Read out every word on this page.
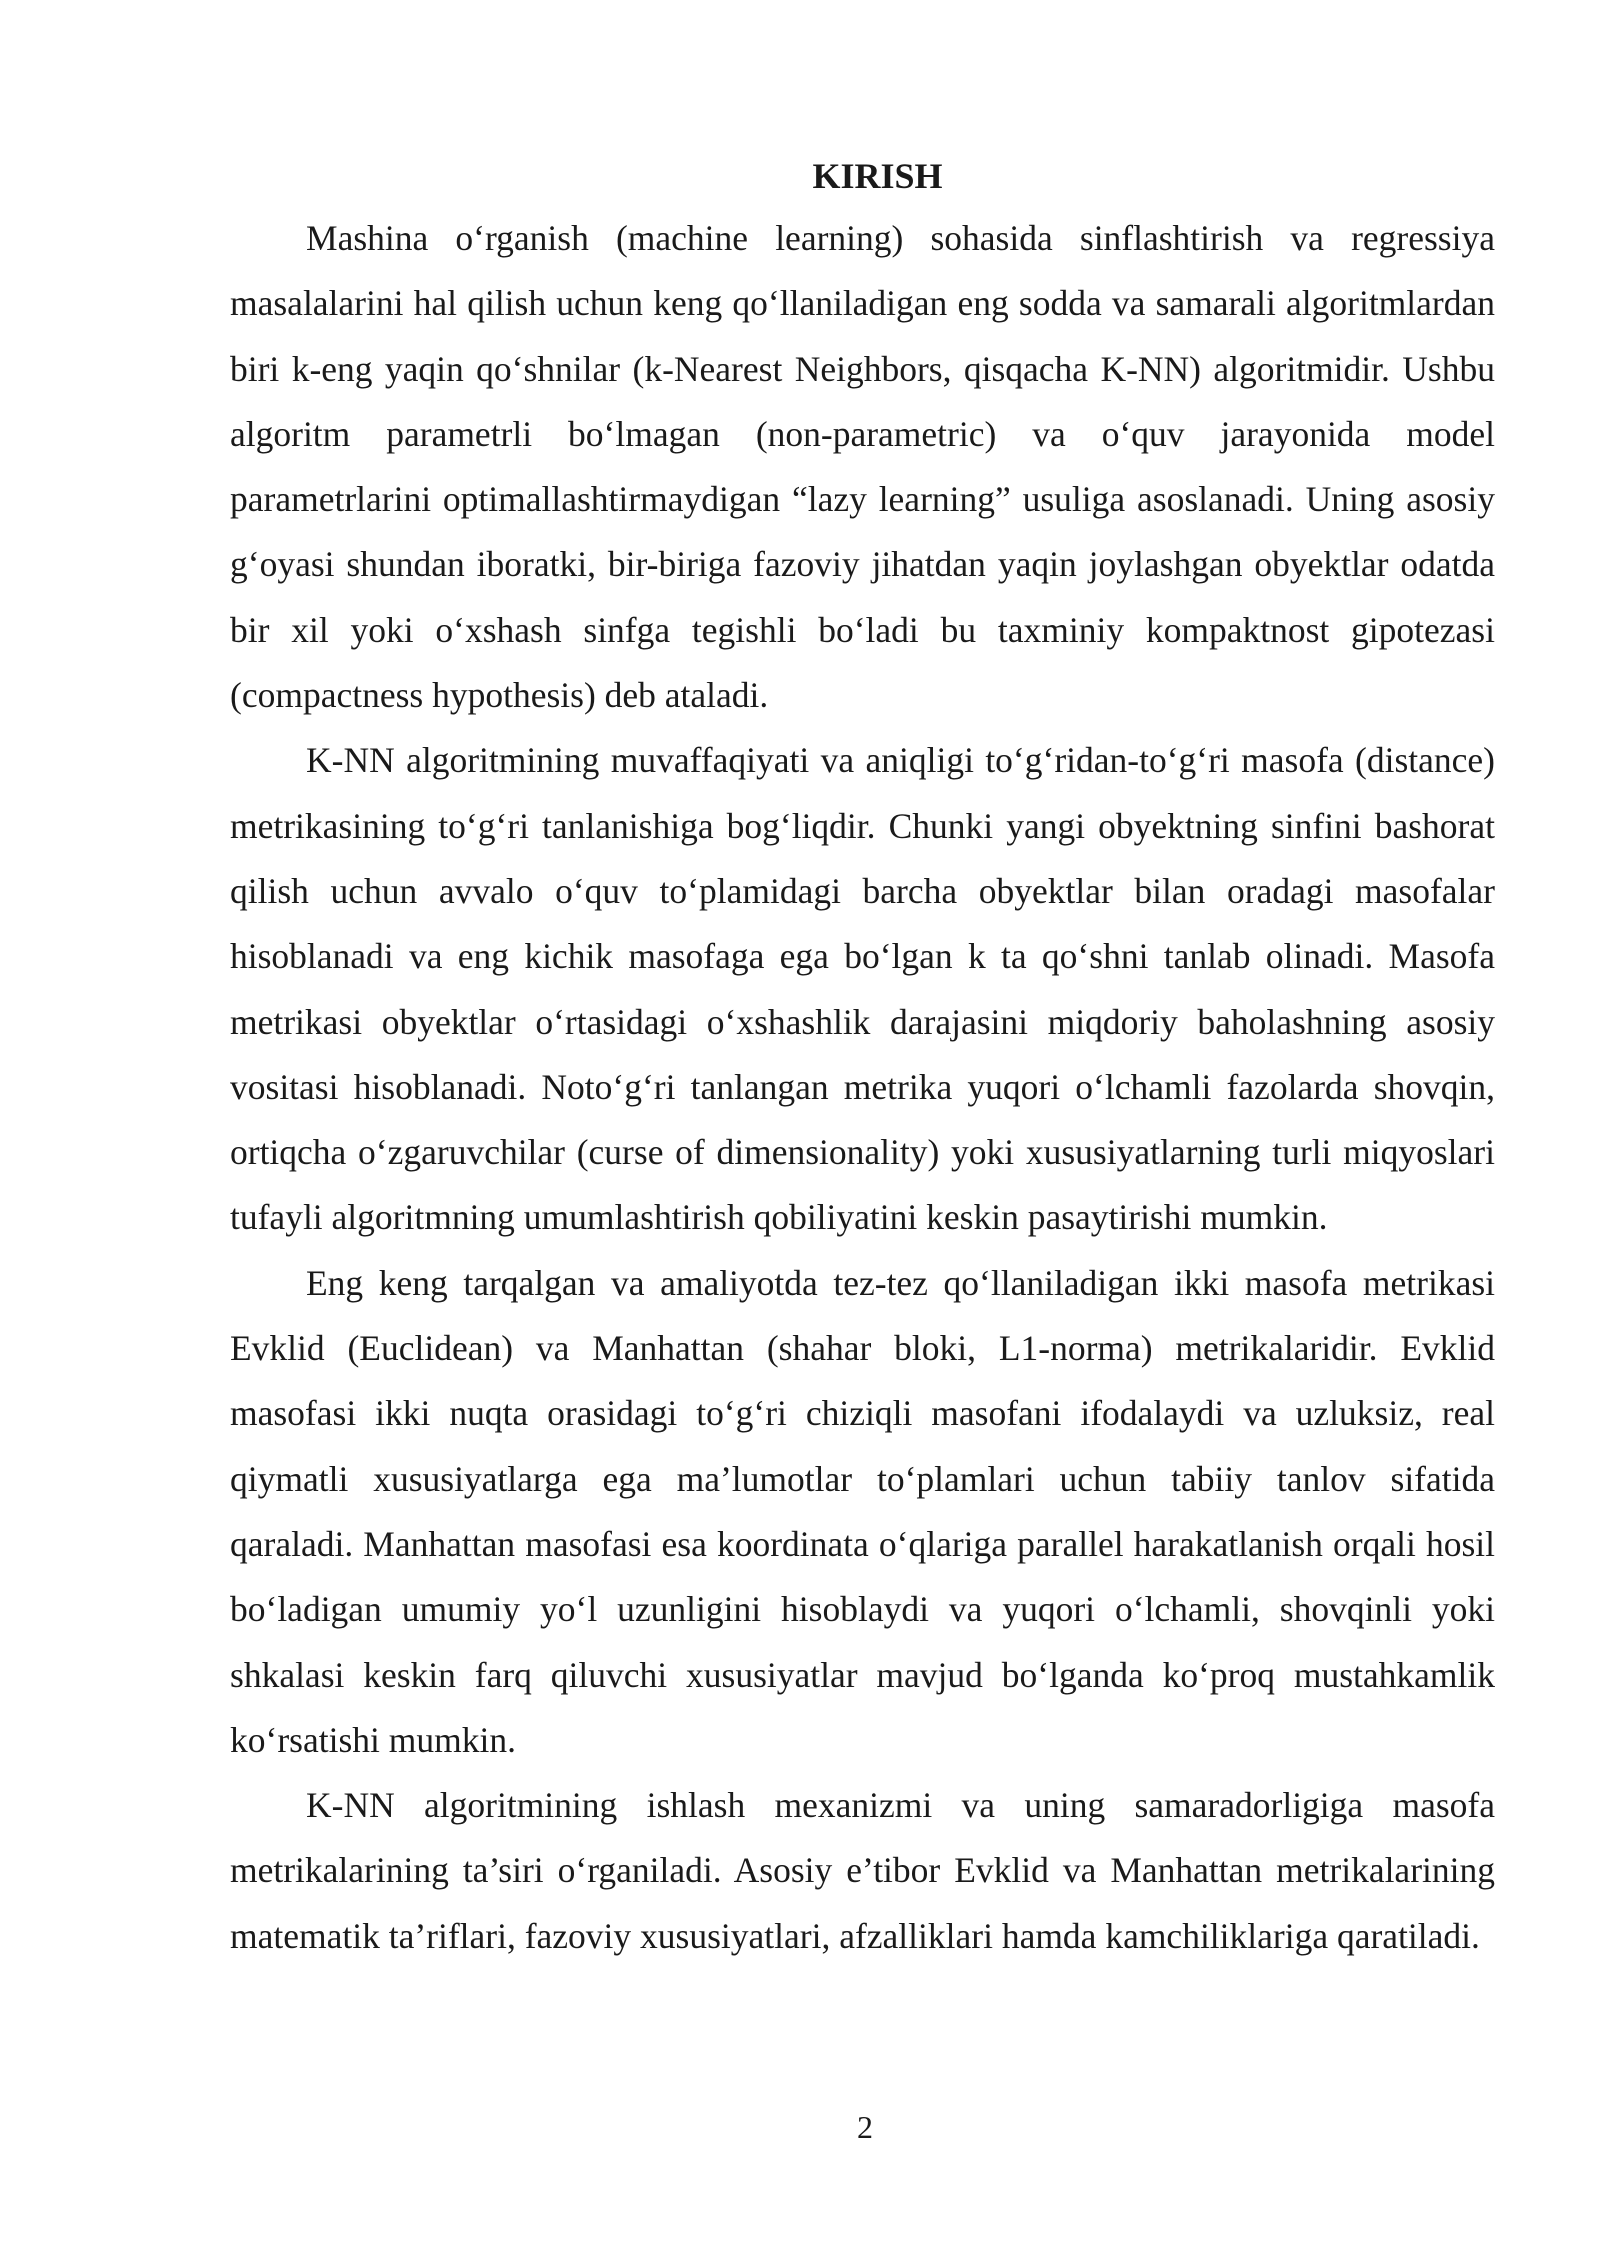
KIRISH

Mashina o‘rganish (machine learning) sohasida sinflashtirish va regressiya masalalarini hal qilish uchun keng qo‘llaniladigan eng sodda va samarali algoritmlardan biri k-eng yaqin qo‘shnilar (k-Nearest Neighbors, qisqacha K-NN) algoritmidir. Ushbu algoritm parametrli bo‘lmagan (non-parametric) va o‘quv jarayonida model parametrlarini optimallashtirmaydigan “lazy learning” usuliga asoslanadi. Uning asosiy g‘oyasi shundan iboratki, bir-biriga fazoviy jihatdan yaqin joylashgan obyektlar odatda bir xil yoki o‘xshash sinfga tegishli bo‘ladi bu taxminiy kompaktnost gipotezasi (compactness hypothesis) deb ataladi.

K-NN algoritmining muvaffaqiyati va aniqligi to‘g‘ridan-to‘g‘ri masofa (distance) metrikasining to‘g‘ri tanlanishiga bog‘liqdir. Chunki yangi obyektning sinfini bashorat qilish uchun avvalo o‘quv to‘plamidagi barcha obyektlar bilan oradagi masofalar hisoblanadi va eng kichik masofaga ega bo‘lgan k ta qo‘shni tanlab olinadi. Masofa metrikasi obyektlar o‘rtasidagi o‘xshashlik darajasini miqdoriy baholashning asosiy vositasi hisoblanadi. Noto‘g‘ri tanlangan metrika yuqori o‘lchamli fazolarda shovqin, ortiqcha o‘zgaruvchilar (curse of dimensionality) yoki xususiyatlarning turli miqyoslari tufayli algoritmning umumlashtirish qobiliyatini keskin pasaytirishi mumkin.

Eng keng tarqalgan va amaliyotda tez-tez qo‘llaniladigan ikki masofa metrikasi Evklid (Euclidean) va Manhattan (shahar bloki, L1-norma) metrikalaridir. Evklid masofasi ikki nuqta orasidagi to‘g‘ri chiziqli masofani ifodalaydi va uzluksiz, real qiymatli xususiyatlarga ega ma’lumotlar to‘plamlari uchun tabiiy tanlov sifatida qaraladi. Manhattan masofasi esa koordinata o‘qlariga parallel harakatlanish orqali hosil bo‘ladigan umumiy yo‘l uzunligini hisoblaydi va yuqori o‘lchamli, shovqinli yoki shkalasi keskin farq qiluvchi xususiyatlar mavjud bo‘lganda ko‘proq mustahkamlik ko‘rsatishi mumkin.

K-NN algoritmining ishlash mexanizmi va uning samaradorligiga masofa metrikalarining ta’siri o‘rganiladi. Asosiy e’tibor Evklid va Manhattan metrikalarining matematik ta’riflari, fazoviy xususiyatlari, afzalliklari hamda kamchiliklariga qaratiladi.

2
